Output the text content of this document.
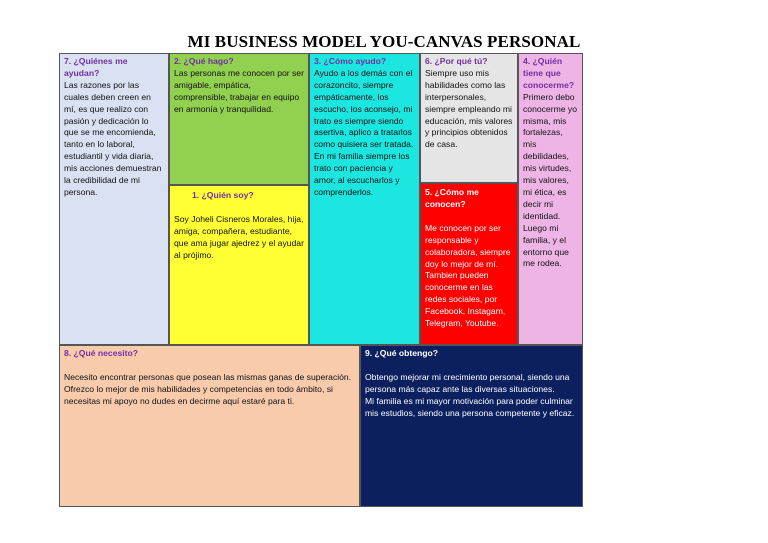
MI BUSINESS MODEL YOU-CANVAS PERSONAL
7. ¿Quiénes me ayudan?
Las razones por las cuales deben creen en mí, es que realizo con pasión y dedicación lo que se me encomienda, tanto en lo laboral, estudiantil y vida diaria, mis acciones demuestran la credibilidad de mi persona.
2. ¿Qué hago?
Las personas me conocen por ser amigable, empática, comprensible, trabajar en equipo en armonía y tranquilidad.
1. ¿Quién soy?
Soy Joheli Cisneros Morales, hija, amiga, compañera, estudiante, que ama jugar ajedrez y el ayudar al prójimo.
3. ¿Cómo ayudo?
Ayudo a los demás con el corazoncito, siempre empáticamente, los escucho, los aconsejo, mi trato es siempre siendo asertiva, aplico a tratarlos como quisiera ser tratada.
En mi familia siempre los trato con paciencia y amor, al escucharlos y comprenderlos.
6. ¿Por qué tú?
Siempre uso mis habilidades como las interpersonales, siempre empleando mi educación, mis valores y principios obtenidos de casa.
5. ¿Cómo me conocen?
Me conocen por ser responsable y colaboradora, siempre doy lo mejor de mí.
Tambien pueden conocerme en las redes sociales, por Facebook, Instagam, Telegram, Youtube.
4. ¿Quién tiene que conocerme?
Primero debo conocerme yo misma, mis fortalezas, mis debilidades, mis virtudes, mis valores, mi ética, es decir mi identidad. Luego mi familia, y el entorno que me rodea.
8. ¿Qué necesito?
Necesito encontrar personas que posean las mismas ganas de superación.
Ofrezco lo mejor de mis habilidades y competencias en todo ámbito, si necesitas mi apoyo no dudes en decirme aquí estaré para ti.
9. ¿Qué obtengo?
Obtengo mejorar mi crecimiento personal, siendo una persona más capaz ante las diversas situaciones.
Mi familia es mi mayor motivación para poder culminar mis estudios, siendo una persona competente y eficaz.
